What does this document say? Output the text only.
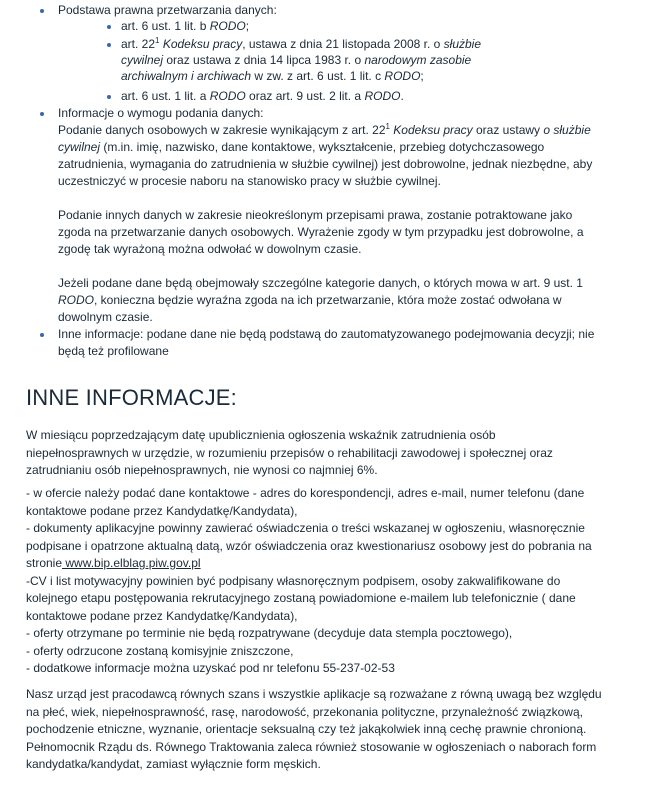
Podstawa prawna przetwarzania danych:
art. 6 ust. 1 lit. b RODO;
art. $22^1$ Kodeksu pracy, ustawa z dnia 21 listopada 2008 r. o służbie
cywilnej oraz ustawa z dnia 14 lipca 1983 r. o narodowym zasobie
archiwalnym i archiwach w zw. z art. 6 ust. 1 lit. c RODO;
art. 6 ust. 1 lit. a RODO oraz art. 9 ust. 2 lit. a RODO.
Informacje o wymogu podania danych:
Podanie danych osobowych w zakresie wynikającym z art. $22^1$ Kodeksu pracy oraz ustawy o służbie
cywilnej (m.in. imię, nazwisko, dane kontaktowe, wykształcenie, przebieg dotychczasowego
zatrudnienia, wymagania do zatrudnienia w służbie cywilnej) jest dobrowolne, jednak niezbędne, aby
uczestniczyć w procesie naboru na stanowisko pracy w służbie cywilnej.
Podanie innych danych w zakresie nieokreślonym przepisami prawa, zostanie potraktowane jako
zgoda na przetwarzanie danych osobowych. Wyrażenie zgody w tym przypadku jest dobrowolne, a
zgodę tak wyrażoną można odwołać w dowolnym czasie.
Jeżeli podane dane będą obejmowały szczególne kategorie danych, o których mowa w art. 9 ust. 1
RODO, konieczna będzie wyraźna zgoda na ich przetwarzanie, która może zostać odwołana w
dowolnym czasie.
Inne informacje: podane dane nie będą podstawą do zautomatyzowanego podejmowania decyzji; nie
będą też profilowane
INNE INFORMACJE:
W miesiącu poprzedzającym datę upublicznienia ogłoszenia wskaźnik zatrudnienia osób
niepełnosprawnych w urzędzie, w rozumieniu przepisów o rehabilitacji zawodowej i społecznej oraz
zatrudnianiu osób niepełnosprawnych, nie wynosi co najmniej 6%.
- w ofercie należy podać dane kontaktowe - adres do korespondencji, adres e-mail, numer telefonu (dane
kontaktowe podane przez Kandydatkę/Kandydata),
- dokumenty aplikacyjne powinny zawierać oświadczenia o treści wskazanej w ogłoszeniu, własnoręcznie
podpisane i opatrzone aktualną datą, wzór oświadczenia oraz kwestionariusz osobowy jest do pobrania na
stronie www.bip.elblag.piw.gov.pl
-CV i list motywacyjny powinien być podpisany własnoręcznym podpisem, osoby zakwalifikowane do
kolejnego etapu postępowania rekrutacyjnego zostaną powiadomione e-mailem lub telefonicznie ( dane
kontaktowe podane przez Kandydatkę/Kandydata),
- oferty otrzymane po terminie nie będą rozpatrywane (decyduje data stempla pocztowego),
- oferty odrzucone zostaną komisyjnie zniszczone,
- dodatkowe informacje można uzyskać pod nr telefonu 55-237-02-53
Nasz urząd jest pracodawcą równych szans i wszystkie aplikacje są rozważane z równą uwagą bez względu
na płeć, wiek, niepełnosprawność, rasę, narodowość, przekonania polityczne, przynależność związkową,
pochodzenie etniczne, wyznanie, orientacje seksualną czy też jakąkolwiek inną cechę prawnie chronioną.
Pełnomocnik Rządu ds. Równego Traktowania zaleca również stosowanie w ogłoszeniach o naborach form
kandydatka/kandydat, zamiast wyłącznie form męskich.
